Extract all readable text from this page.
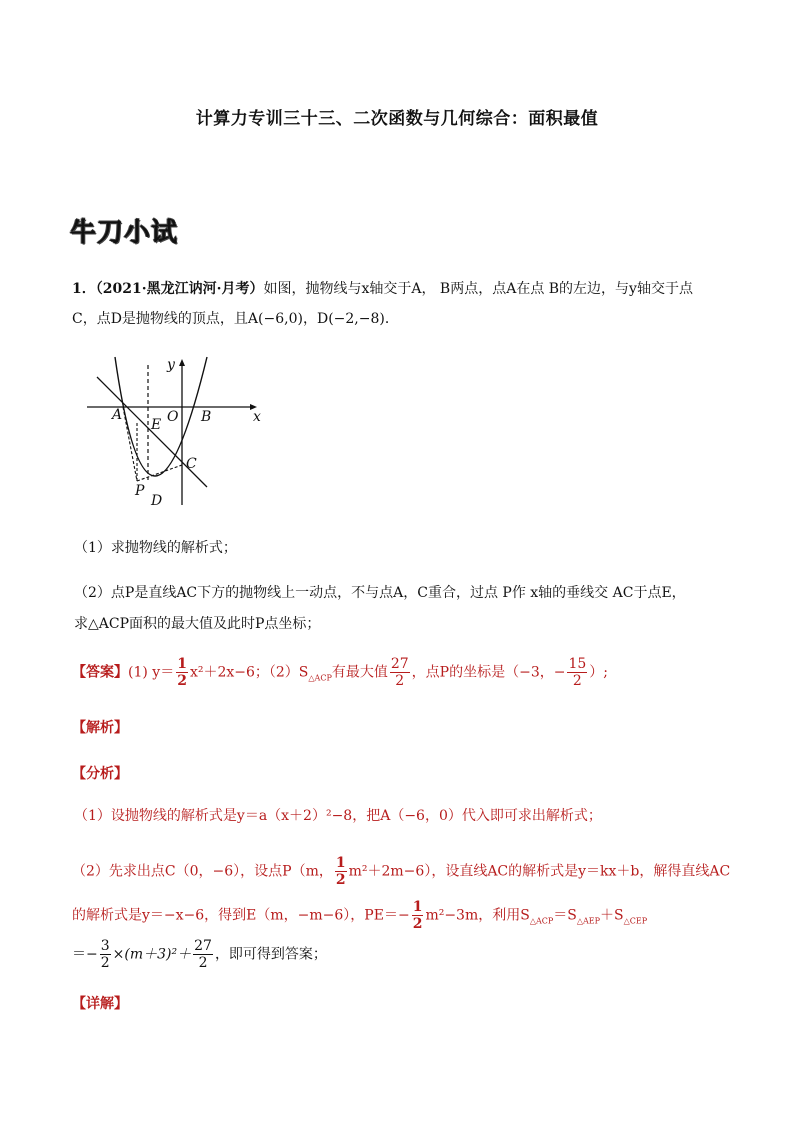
计算力专训三十三、二次函数与几何综合：面积最值
牛刀小试
1．（2021·黑龙江讷河·月考）如图，抛物线与x轴交于A， B两点，点A在点 B的左边，与y轴交于点
C，点D是抛物线的顶点，且A(−6,0)，D(−2,−8)．
y
x
A
E O B
C
P
D
（1）求抛物线的解析式；
（2）点P是直线AC下方的抛物线上一动点，不与点A，C重合，过点 P作 x轴的垂线交 AC于点E，
求△ACP面积的最大值及此时P点坐标；
【答案】(1) $y= \frac{1}{2} x^2+2x-6$；$(2)S_{\triangle ACP}$有最大值 $\frac{27}{2}$ ，点P的坐标是（−3，− $\frac{15}{2}$ ）;
【解析】
【分析】
（1）设抛物线的解析式是y＝a（x＋2）²−8，把A（−6，0）代入即可求出解析式；
（2）先求出点C（0，−6），设点P（m， $\frac{1}{2} m^2+2m-6$），设直线AC的解析式是y＝kx＋b，解得直线AC
的解析式是y＝−x−6，得到E（m，−m−6），$PE=- \frac{1}{2} m^2-3m$，利用$S_{\triangle ACP}=S_{\triangle AEP}+S_{\triangle CEP}$
＝− $\frac{3}{2} \times(m+3)^2+ \frac{27}{2}$ ，即可得到答案；
【详解】
